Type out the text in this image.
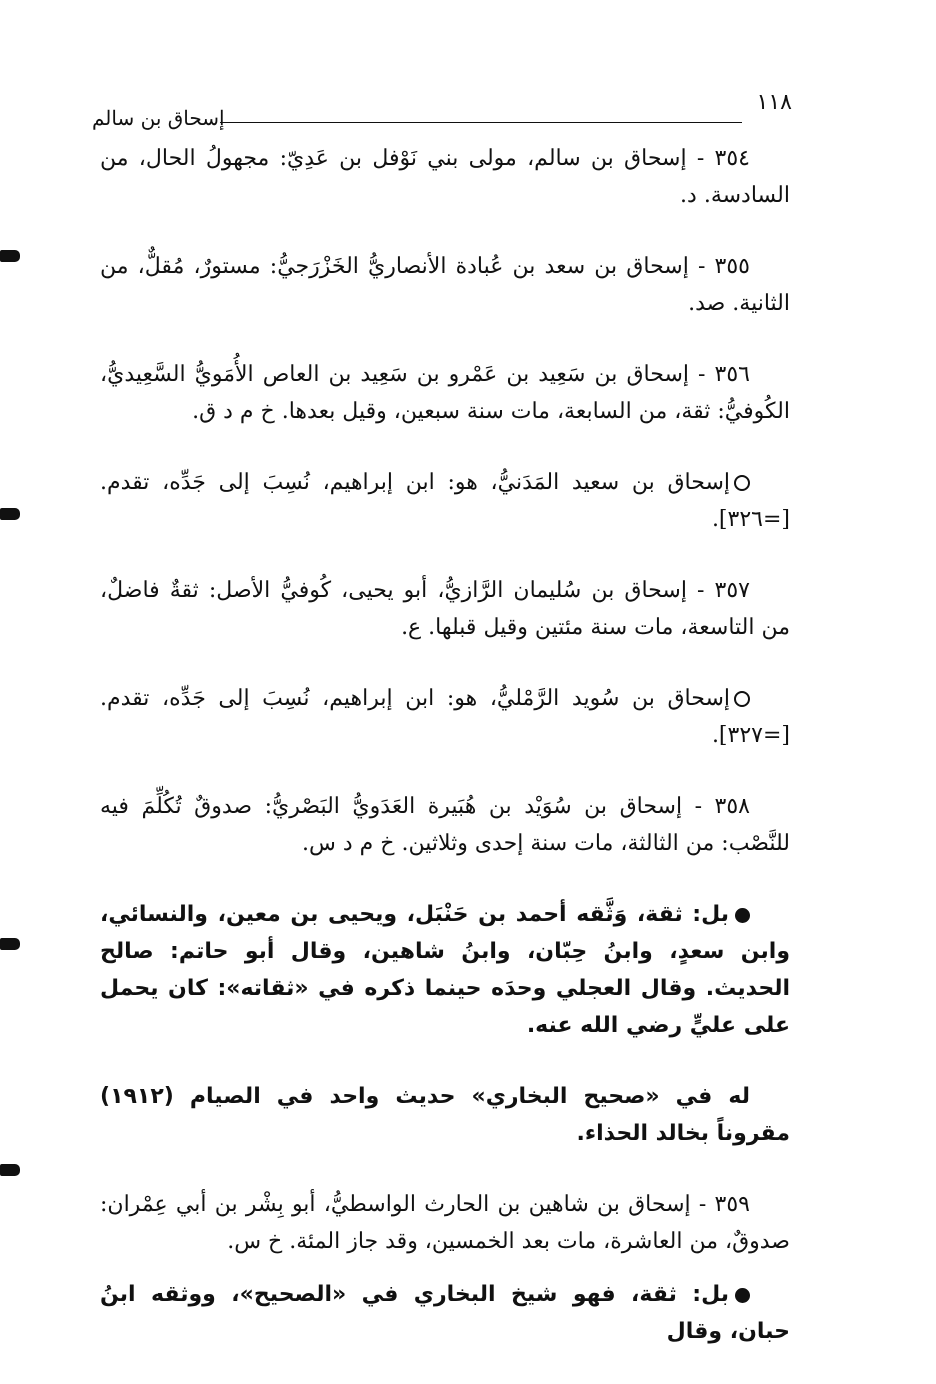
١١٨
إسحاق بن سالم

٣٥٤ - إسحاق بن سالم، مولى بني نَوْفل بن عَدِيّ: مجهولُ الحال، من السادسة. د.

٣٥٥ - إسحاق بن سعد بن عُبادة الأنصاريُّ الخَزْرَجيُّ: مستورٌ، مُقلٌّ، من الثانية. صد.

٣٥٦ - إسحاق بن سَعِيد بن عَمْرو بن سَعِيد بن العاص الأُمَويُّ السَّعِيديُّ، الكُوفيُّ: ثقة، من السابعة، مات سنة سبعين، وقيل بعدها. خ م د ق.

إسحاق بن سعيد المَدَنيُّ، هو: ابن إبراهيم، نُسِبَ إلى جَدِّه، تقدم. [=٣٢٦].

٣٥٧ - إسحاق بن سُليمان الرَّازيُّ، أبو يحيى، كُوفيُّ الأصل: ثقةٌ فاضلٌ، من التاسعة، مات سنة مئتين وقيل قبلها. ع.

إسحاق بن سُويد الرَّمْليُّ، هو: ابن إبراهيم، نُسِبَ إلى جَدِّه، تقدم. [=٣٢٧].

٣٥٨ - إسحاق بن سُوَيْد بن هُبَيرة العَدَويُّ البَصْريُّ: صدوقٌ تُكُلِّمَ فيه للنَّصْب: من الثالثة، مات سنة إحدى وثلاثين. خ م د س.

بل: ثقة، وَثَّقه أحمد بن حَنْبَل، ويحيى بن معين، والنسائي، وابن سعدٍ، وابنُ حِبّان، وابنُ شاهين، وقال أبو حاتم: صالح الحديث. وقال العجلي وحدَه حينما ذكره في «ثقاته»: كان يحمل على عليٍّ رضي الله عنه.

له في «صحيح البخاري» حديث واحد في الصيام (١٩١٢) مقروناً بخالد الحذاء.

٣٥٩ - إسحاق بن شاهين بن الحارث الواسطيُّ، أبو بِشْر بن أبي عِمْران: صدوقٌ، من العاشرة، مات بعد الخمسين، وقد جاز المئة. خ س.

بل: ثقة، فهو شيخ البخاري في «الصحيح»، ووثقه ابنُ حبان، وقال
